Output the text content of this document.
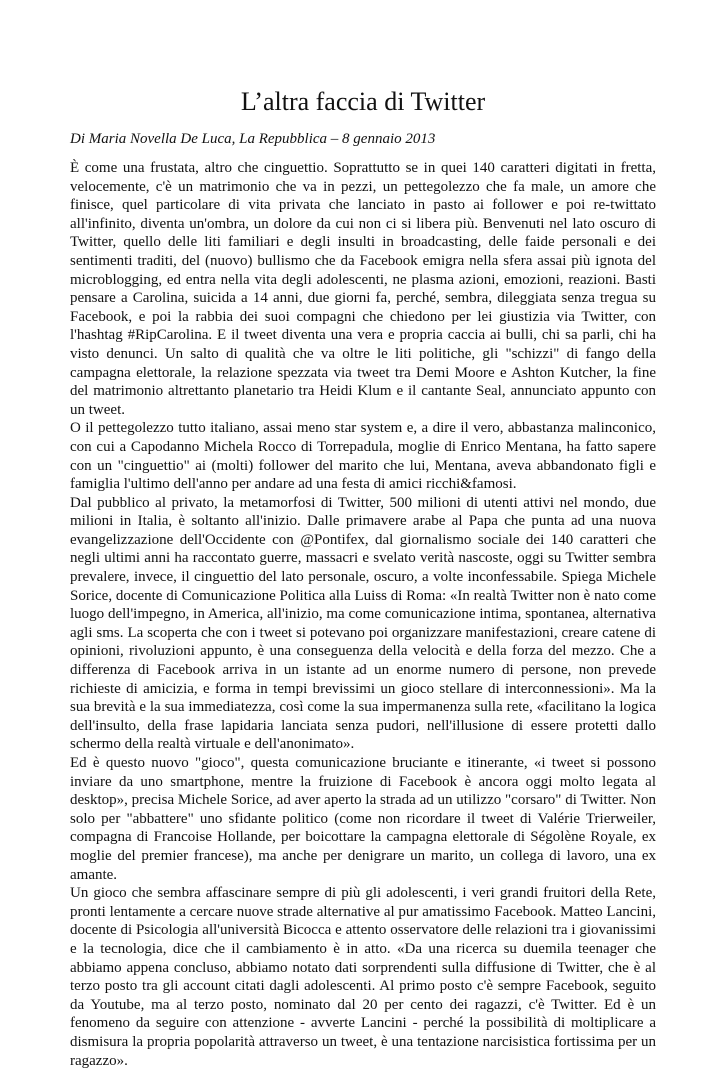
L’altra faccia di Twitter

Di Maria Novella De Luca, La Repubblica – 8 gennaio 2013

È come una frustata, altro che cinguettio. Soprattutto se in quei 140 caratteri digitati in fretta, velocemente, c'è un matrimonio che va in pezzi, un pettegolezzo che fa male, un amore che finisce, quel particolare di vita privata che lanciato in pasto ai follower e poi re-twittato all'infinito, diventa un'ombra, un dolore da cui non ci si libera più. Benvenuti nel lato oscuro di Twitter, quello delle liti familiari e degli insulti in broadcasting, delle faide personali e dei sentimenti traditi, del (nuovo) bullismo che da Facebook emigra nella sfera assai più ignota del microblogging, ed entra nella vita degli adolescenti, ne plasma azioni, emozioni, reazioni. Basti pensare a Carolina, suicida a 14 anni, due giorni fa, perché, sembra, dileggiata senza tregua su Facebook, e poi la rabbia dei suoi compagni che chiedono per lei giustizia via Twitter, con l'hashtag #RipCarolina. E il tweet diventa una vera e propria caccia ai bulli, chi sa parli, chi ha visto denunci. Un salto di qualità che va oltre le liti politiche, gli "schizzi" di fango della campagna elettorale, la relazione spezzata via tweet tra Demi Moore e Ashton Kutcher, la fine del matrimonio altrettanto planetario tra Heidi Klum e il cantante Seal, annunciato appunto con un tweet.

O il pettegolezzo tutto italiano, assai meno star system e, a dire il vero, abbastanza malinconico, con cui a Capodanno Michela Rocco di Torrepadula, moglie di Enrico Mentana, ha fatto sapere con un "cinguettio" ai (molti) follower del marito che lui, Mentana, aveva abbandonato figli e famiglia l'ultimo dell'anno per andare ad una festa di amici ricchi&famosi.

Dal pubblico al privato, la metamorfosi di Twitter, 500 milioni di utenti attivi nel mondo, due milioni in Italia, è soltanto all'inizio. Dalle primavere arabe al Papa che punta ad una nuova evangelizzazione dell'Occidente con @Pontifex, dal giornalismo sociale dei 140 caratteri che negli ultimi anni ha raccontato guerre, massacri e svelato verità nascoste, oggi su Twitter sembra prevalere, invece, il cinguettio del lato personale, oscuro, a volte inconfessabile. Spiega Michele Sorice, docente di Comunicazione Politica alla Luiss di Roma: «In realtà Twitter non è nato come luogo dell'impegno, in America, all'inizio, ma come comunicazione intima, spontanea, alternativa agli sms. La scoperta che con i tweet si potevano poi organizzare manifestazioni, creare catene di opinioni, rivoluzioni appunto, è una conseguenza della velocità e della forza del mezzo. Che a differenza di Facebook arriva in un istante ad un enorme numero di persone, non prevede richieste di amicizia, e forma in tempi brevissimi un gioco stellare di interconnessioni». Ma la sua brevità e la sua immediatezza, così come la sua impermanenza sulla rete, «facilitano la logica dell'insulto, della frase lapidaria lanciata senza pudori, nell'illusione di essere protetti dallo schermo della realtà virtuale e dell'anonimato».

Ed è questo nuovo "gioco", questa comunicazione bruciante e itinerante, «i tweet si possono inviare da uno smartphone, mentre la fruizione di Facebook è ancora oggi molto legata al desktop», precisa Michele Sorice, ad aver aperto la strada ad un utilizzo "corsaro" di Twitter. Non solo per "abbattere" uno sfidante politico (come non ricordare il tweet di Valérie Trierweiler, compagna di Francoise Hollande, per boicottare la campagna elettorale di Ségolène Royale, ex moglie del premier francese), ma anche per denigrare un marito, un collega di lavoro, una ex amante.

Un gioco che sembra affascinare sempre di più gli adolescenti, i veri grandi fruitori della Rete, pronti lentamente a cercare nuove strade alternative al pur amatissimo Facebook. Matteo Lancini, docente di Psicologia all'università Bicocca e attento osservatore delle relazioni tra i giovanissimi e la tecnologia, dice che il cambiamento è in atto. «Da una ricerca su duemila teenager che abbiamo appena concluso, abbiamo notato dati sorprendenti sulla diffusione di Twitter, che è al terzo posto tra gli account citati dagli adolescenti. Al primo posto c'è sempre Facebook, seguito da Youtube, ma al terzo posto, nominato dal 20 per cento dei ragazzi, c'è Twitter. Ed è un fenomeno da seguire con attenzione - avverte Lancini - perché la possibilità di moltiplicare a dismisura la propria popolarità attraverso un tweet, è una tentazione narcisistica fortissima per un ragazzo».
